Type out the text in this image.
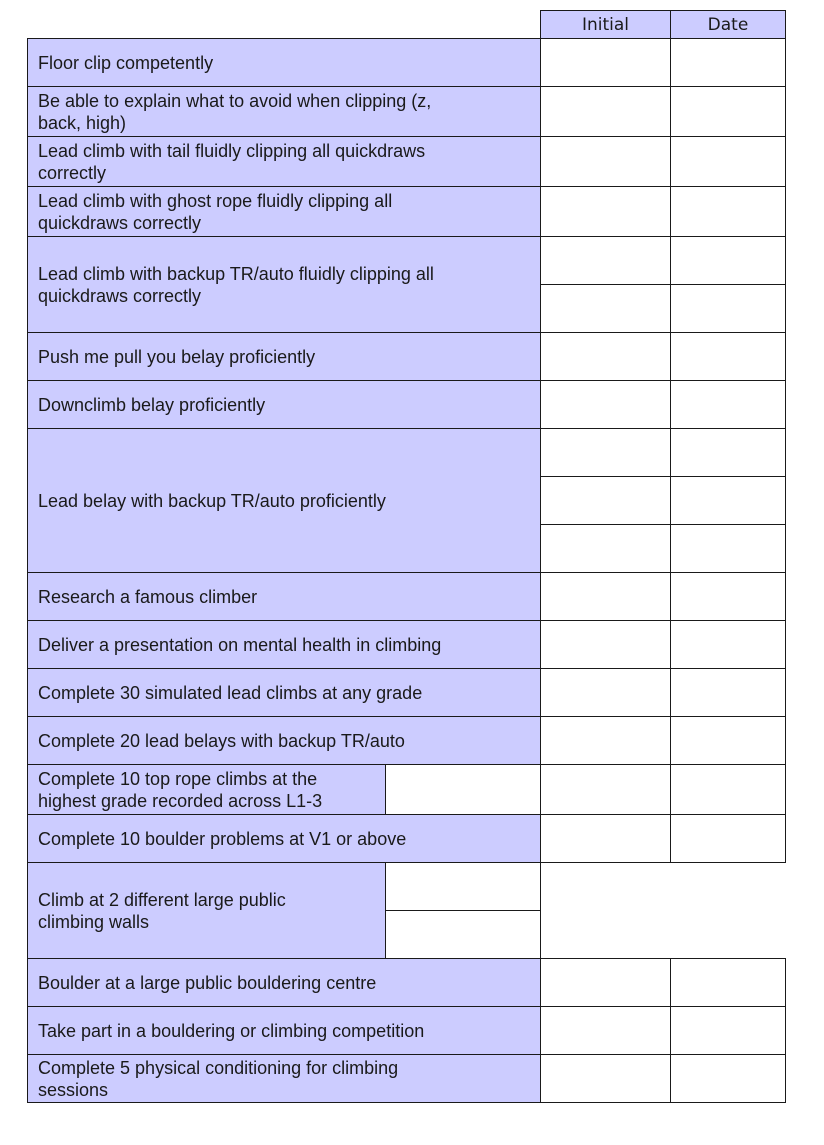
Initial	Date
Floor clip competently
Be able to explain what to avoid when clipping (z,
back, high)
Lead climb with tail fluidly clipping all quickdraws
correctly
Lead climb with ghost rope fluidly clipping all
quickdraws correctly
Lead climb with backup TR/auto fluidly clipping all
quickdraws correctly
Push me pull you belay proficiently
Downclimb belay proficiently
Lead belay with backup TR/auto proficiently
Research a famous climber
Deliver a presentation on mental health in climbing
Complete 30 simulated lead climbs at any grade
Complete 20 lead belays with backup TR/auto
Complete 10 top rope climbs at the
highest grade recorded across L1-3
Complete 10 boulder problems at V1 or above
Climb at 2 different large public
climbing walls
Boulder at a large public bouldering centre
Take part in a bouldering or climbing competition
Complete 5 physical conditioning for climbing
sessions
